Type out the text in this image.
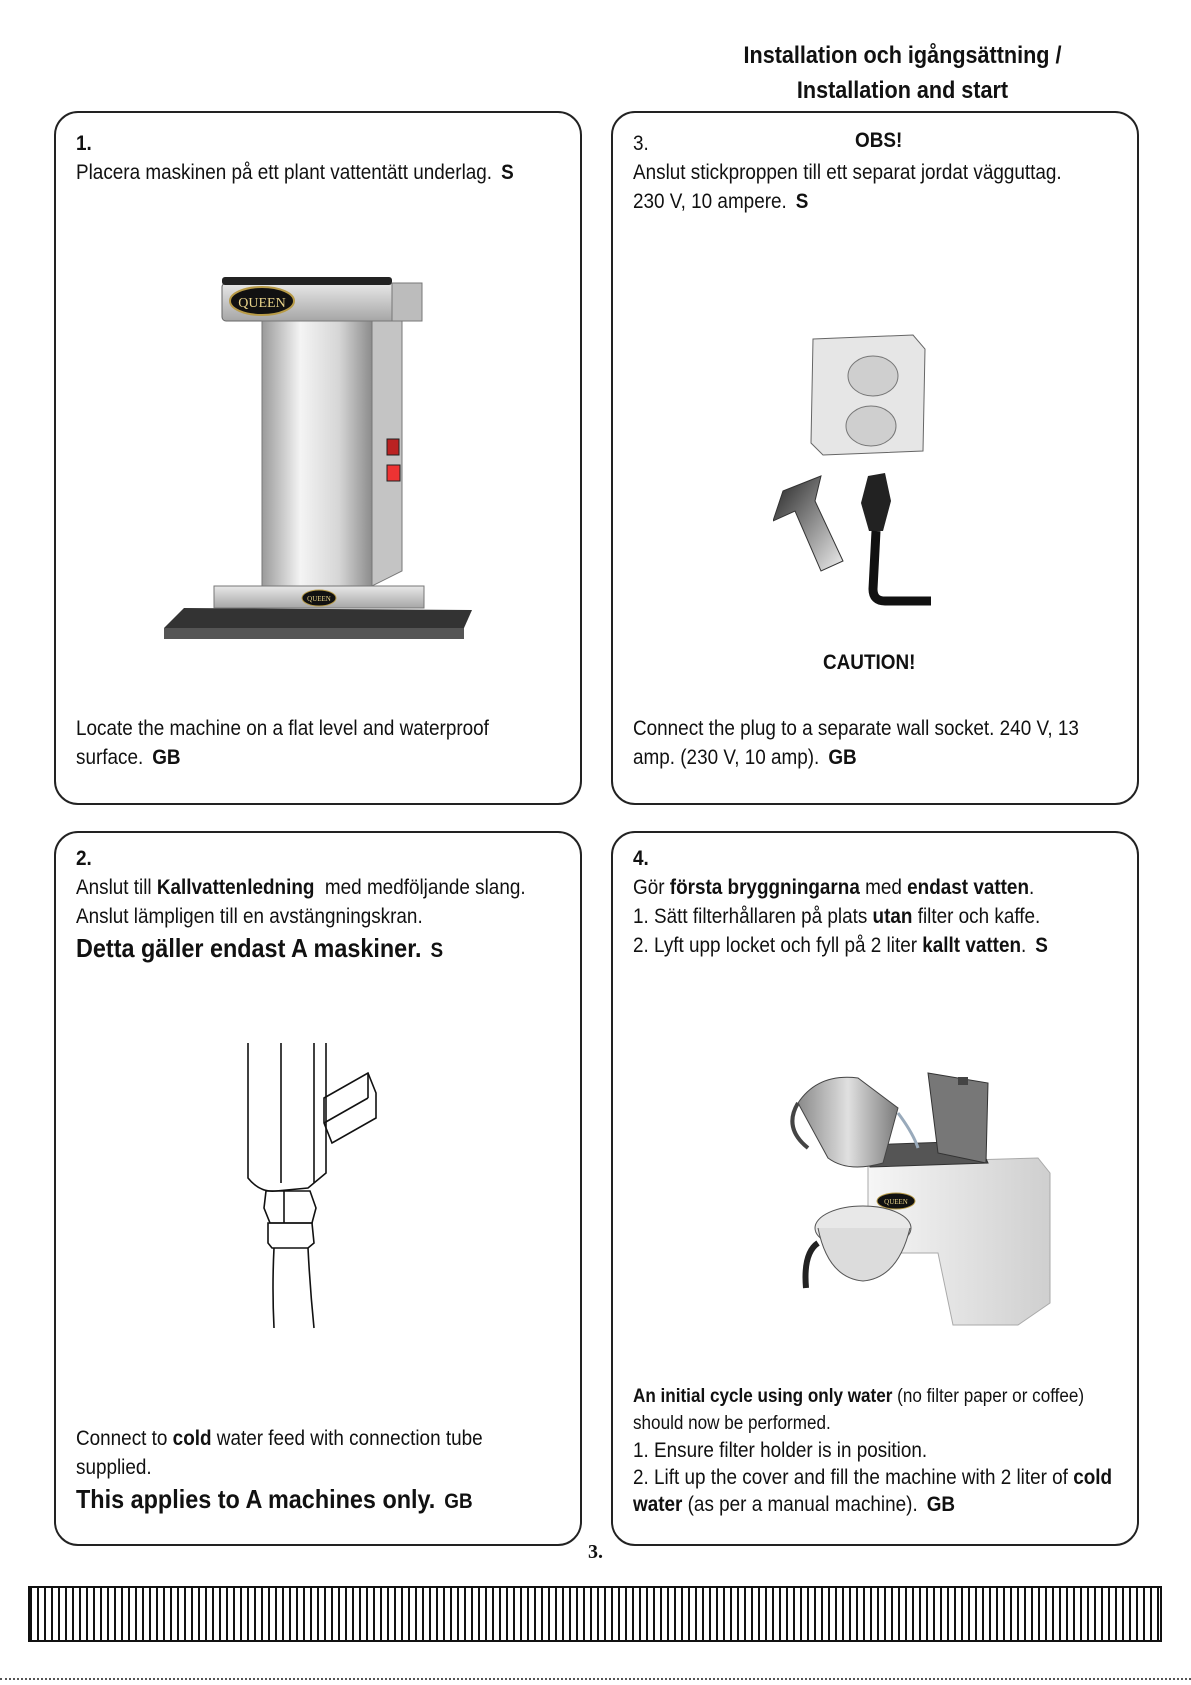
Installation och igångsättning /
Installation and start
1.
Placera maskinen på ett plant vattentätt underlag. S
QUEEN
QUEEN
Locate the machine on a flat level and waterproof
surface. GB
3.	OBS!
Anslut stickproppen till ett separat jordat vägguttag.
230 V, 10 ampere. S
CAUTION!
Connect the plug to a separate wall socket. 240 V, 13
amp. (230 V, 10 amp). GB
2.
Anslut till Kallvattenledning med medföljande slang.
Anslut lämpligen till en avstängningskran.
Detta gäller endast A maskiner. S
Connect to cold water feed with connection tube
supplied.
This applies to A machines only. GB
4.
Gör första bryggningarna med endast vatten.
1. Sätt filterhållaren på plats utan filter och kaffe.
2. Lyft upp locket och fyll på 2 liter kallt vatten. S
QUEEN
An initial cycle using only water (no filter paper or coffee)
should now be performed.
1. Ensure filter holder is in position.
2. Lift up the cover and fill the machine with 2 liter of cold
water (as per a manual machine). GB
3.
